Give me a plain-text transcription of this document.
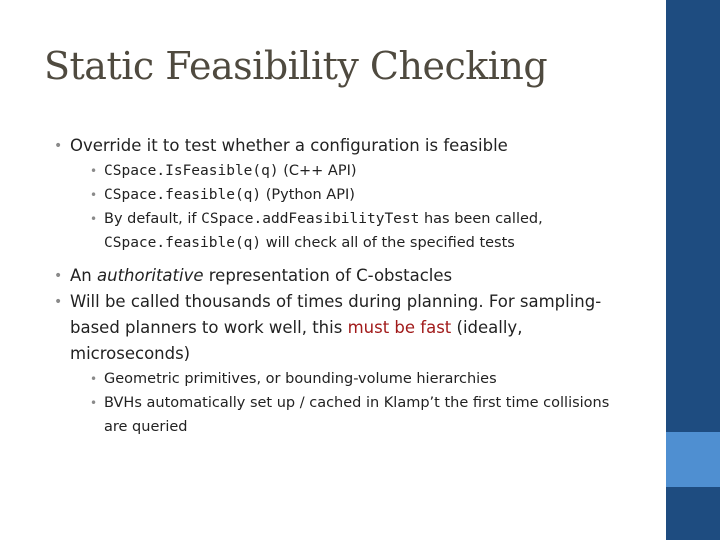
Static Feasibility Checking
• Override it to test whether a configuration is feasible
• CSpace.IsFeasible(q) (C++ API)
• CSpace.feasible(q) (Python API)
• By default, if CSpace.addFeasibilityTest has been called, CSpace.feasible(q) will check all of the specified tests
• An authoritative representation of C-obstacles
• Will be called thousands of times during planning. For sampling-based planners to work well, this must be fast (ideally, microseconds)
• Geometric primitives, or bounding-volume hierarchies
• BVHs automatically set up / cached in Klamp’t the first time collisions are queried
